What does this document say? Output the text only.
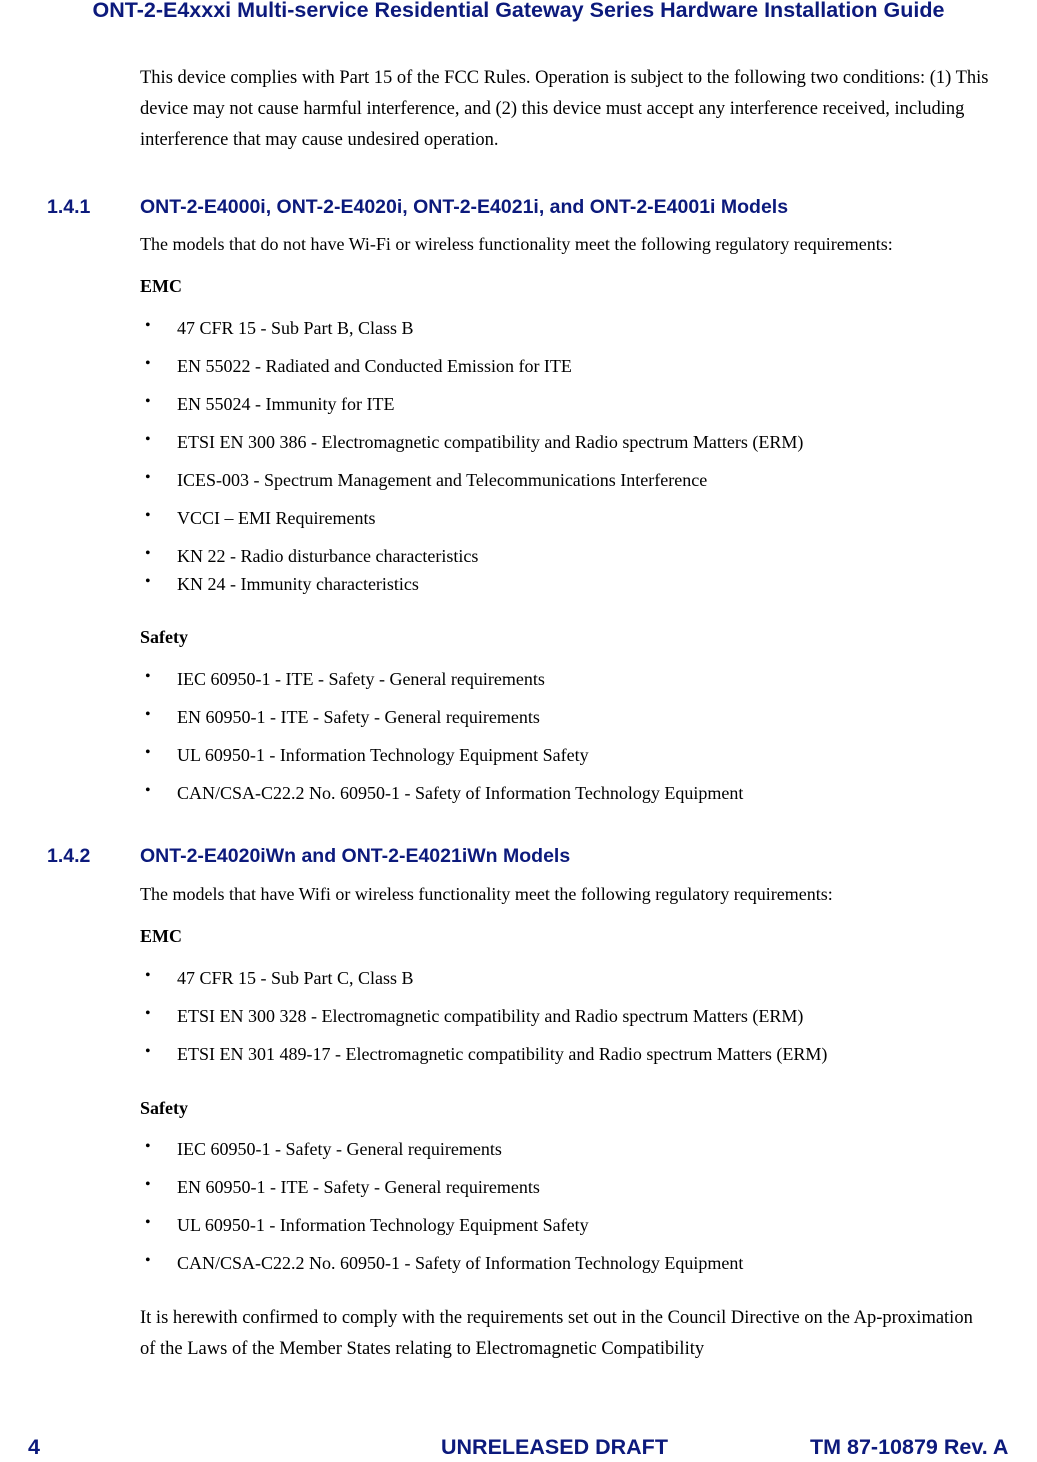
ONT-2-E4xxxi Multi-service Residential Gateway Series Hardware Installation Guide
This device complies with Part 15 of the FCC Rules. Operation is subject to the following two conditions: (1) This device may not cause harmful interference, and (2) this device must accept any interference received, including interference that may cause undesired operation.
1.4.1	ONT-2-E4000i, ONT-2-E4020i, ONT-2-E4021i, and ONT-2-E4001i Models
The models that do not have Wi-Fi or wireless functionality meet the following regulatory requirements:
EMC
• 47 CFR 15 - Sub Part B, Class B
• EN 55022 - Radiated and Conducted Emission for ITE
• EN 55024 - Immunity for ITE
• ETSI EN 300 386 - Electromagnetic compatibility and Radio spectrum Matters (ERM)
• ICES-003 - Spectrum Management and Telecommunications Interference
• VCCI – EMI Requirements
• KN 22 - Radio disturbance characteristics
• KN 24 - Immunity characteristics
Safety
• IEC 60950-1 - ITE - Safety - General requirements
• EN 60950-1 - ITE - Safety - General requirements
• UL 60950-1 - Information Technology Equipment Safety
• CAN/CSA-C22.2 No. 60950-1 - Safety of Information Technology Equipment
1.4.2	ONT-2-E4020iWn and ONT-2-E4021iWn Models
The models that have Wifi or wireless functionality meet the following regulatory requirements:
EMC
• 47 CFR 15 - Sub Part C, Class B
• ETSI EN 300 328 - Electromagnetic compatibility and Radio spectrum Matters (ERM)
• ETSI EN 301 489-17 - Electromagnetic compatibility and Radio spectrum Matters (ERM)
Safety
• IEC 60950-1 - Safety - General requirements
• EN 60950-1 - ITE - Safety - General requirements
• UL 60950-1 - Information Technology Equipment Safety
• CAN/CSA-C22.2 No. 60950-1 - Safety of Information Technology Equipment
It is herewith confirmed to comply with the requirements set out in the Council Directive on the Ap-proximation of the Laws of the Member States relating to Electromagnetic Compatibility
4	UNRELEASED DRAFT	TM 87-10879 Rev. A
